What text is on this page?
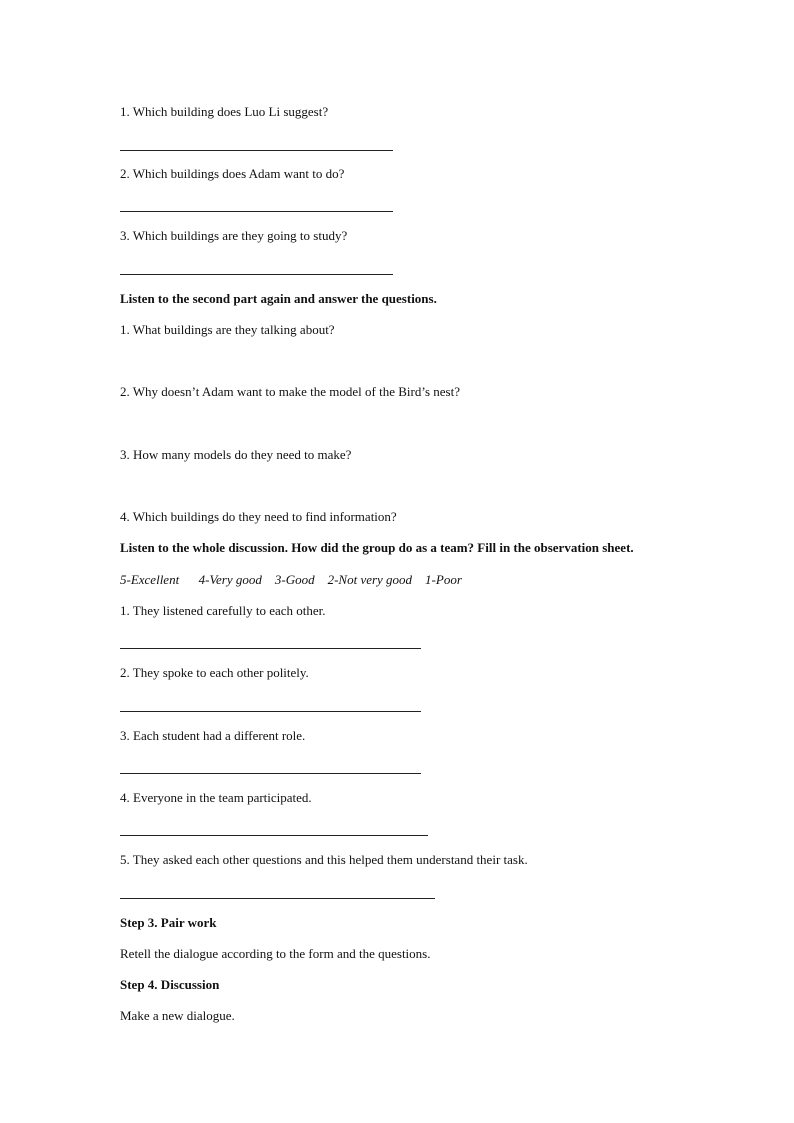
1. Which building does Luo Li suggest?
2. Which buildings does Adam want to do?
3. Which buildings are they going to study?
Listen to the second part again and answer the questions.
1. What buildings are they talking about?
2. Why doesn’t Adam want to make the model of the Bird’s nest?
3. How many models do they need to make?
4. Which buildings do they need to find information?
Listen to the whole discussion. How did the group do as a team? Fill in the observation sheet.
5-Excellent      4-Very good    3-Good    2-Not very good    1-Poor
1. They listened carefully to each other.
2. They spoke to each other politely.
3. Each student had a different role.
4. Everyone in the team participated.
5. They asked each other questions and this helped them understand their task.
Step 3. Pair work
Retell the dialogue according to the form and the questions.
Step 4. Discussion
Make a new dialogue.
